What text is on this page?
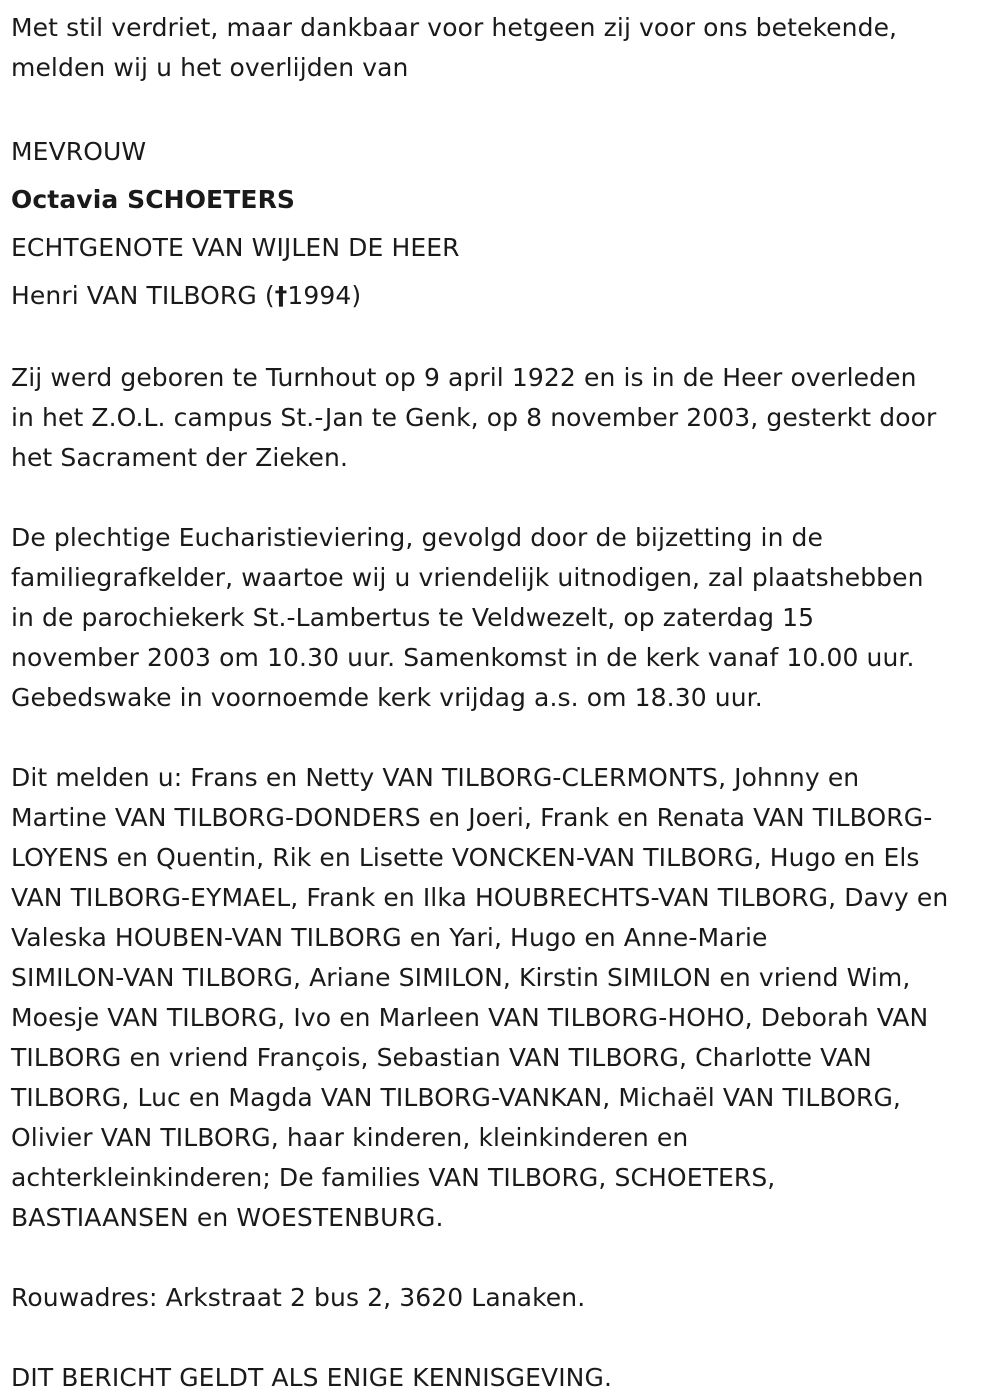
Met stil verdriet, maar dankbaar voor hetgeen zij voor ons betekende,
melden wij u het overlijden van
MEVROUW
Octavia SCHOETERS
ECHTGENOTE VAN WIJLEN DE HEER
Henri VAN TILBORG (†1994)
Zij werd geboren te Turnhout op 9 april 1922 en is in de Heer overleden
in het Z.O.L. campus St.-Jan te Genk, op 8 november 2003, gesterkt door
het Sacrament der Zieken.
De plechtige Eucharistieviering, gevolgd door de bijzetting in de
familiegrafkelder, waartoe wij u vriendelijk uitnodigen, zal plaatshebben
in de parochiekerk St.-Lambertus te Veldwezelt, op zaterdag 15
november 2003 om 10.30 uur. Samenkomst in de kerk vanaf 10.00 uur.
Gebedswake in voornoemde kerk vrijdag a.s. om 18.30 uur.
Dit melden u: Frans en Netty VAN TILBORG-CLERMONTS, Johnny en
Martine VAN TILBORG-DONDERS en Joeri, Frank en Renata VAN TILBORG-
LOYENS en Quentin, Rik en Lisette VONCKEN-VAN TILBORG, Hugo en Els
VAN TILBORG-EYMAEL, Frank en Ilka HOUBRECHTS-VAN TILBORG, Davy en
Valeska HOUBEN-VAN TILBORG en Yari, Hugo en Anne-Marie
SIMILON-VAN TILBORG, Ariane SIMILON, Kirstin SIMILON en vriend Wim,
Moesje VAN TILBORG, Ivo en Marleen VAN TILBORG-HOHO, Deborah VAN
TILBORG en vriend François, Sebastian VAN TILBORG, Charlotte VAN
TILBORG, Luc en Magda VAN TILBORG-VANKAN, Michaël VAN TILBORG,
Olivier VAN TILBORG, haar kinderen, kleinkinderen en
achterkleinkinderen; De families VAN TILBORG, SCHOETERS,
BASTIAANSEN en WOESTENBURG.
Rouwadres: Arkstraat 2 bus 2, 3620 Lanaken.
DIT BERICHT GELDT ALS ENIGE KENNISGEVING.
